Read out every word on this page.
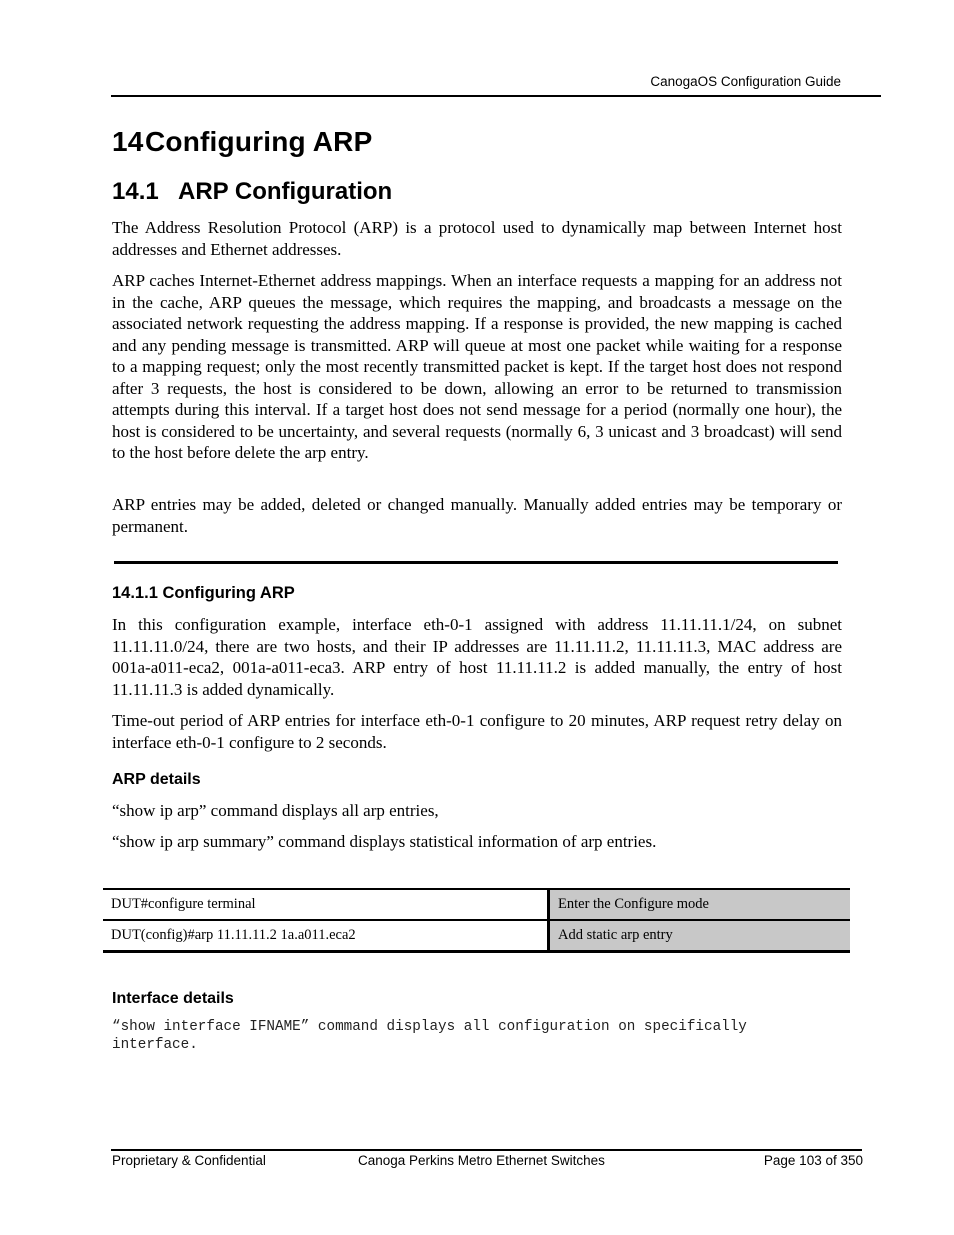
CanogaOS Configuration Guide
14Configuring ARP
14.1 ARP Configuration

The Address Resolution Protocol (ARP) is a protocol used to dynamically map between Internet host addresses and Ethernet addresses.

ARP caches Internet-Ethernet address mappings. When an interface requests a mapping for an address not in the cache, ARP queues the message, which requires the mapping, and broadcasts a message on the associated network requesting the address mapping. If a response is provided, the new mapping is cached and any pending message is transmitted. ARP will queue at most one packet while waiting for a response to a mapping request; only the most recently transmitted packet is kept. If the target host does not respond after 3 requests, the host is considered to be down, allowing an error to be returned to transmission attempts during this interval. If a target host does not send message for a period (normally one hour), the host is considered to be uncertainty, and several requests (normally 6, 3 unicast and 3 broadcast) will send to the host before delete the arp entry.

ARP entries may be added, deleted or changed manually. Manually added entries may be temporary or permanent.

14.1.1 Configuring ARP

In this configuration example, interface eth-0-1 assigned with address 11.11.11.1/24, on subnet 11.11.11.0/24, there are two hosts, and their IP addresses are 11.11.11.2, 11.11.11.3, MAC address are 001a-a011-eca2, 001a-a011-eca3. ARP entry of host 11.11.11.2 is added manually, the entry of host 11.11.11.3 is added dynamically.

Time-out period of ARP entries for interface eth-0-1 configure to 20 minutes, ARP request retry delay on interface eth-0-1 configure to 2 seconds.

ARP details

“show ip arp” command displays all arp entries,

“show ip arp summary” command displays statistical information of arp entries.

DUT#configure terminal	Enter the Configure mode
DUT(config)#arp 11.11.11.2 1a.a011.eca2	Add static arp entry
Interface details
“show interface IFNAME” command displays all configuration on specifically
interface.
Proprietary & Confidential	Canoga Perkins Metro Ethernet Switches	Page 103 of 350
